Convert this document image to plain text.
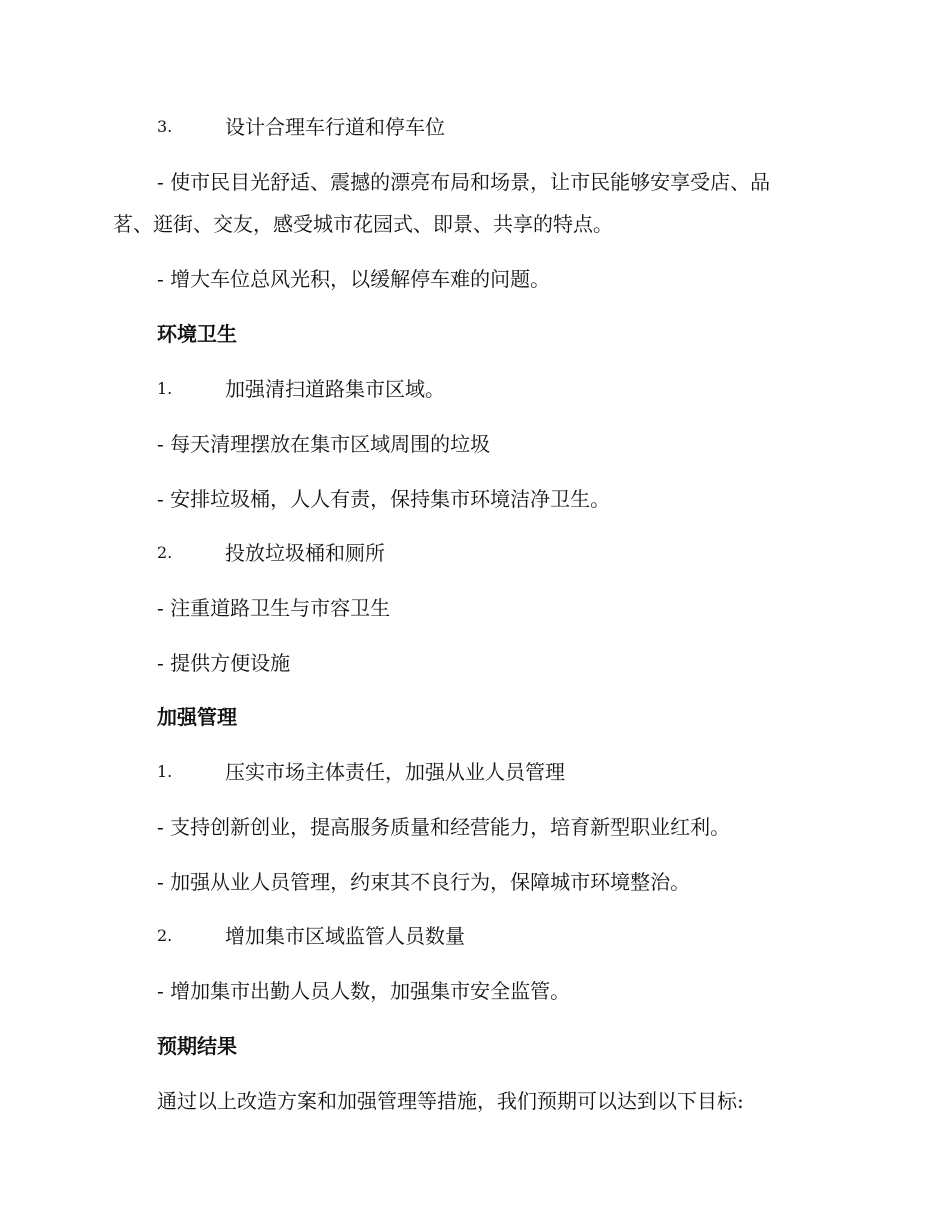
3.	设计合理车行道和停车位
- 使市民目光舒适、震撼的漂亮布局和场景，让市民能够安享受店、品
茗、逛街、交友，感受城市花园式、即景、共享的特点。
- 增大车位总风光积，以缓解停车难的问题。
环境卫生
1.	加强清扫道路集市区域。
- 每天清理摆放在集市区域周围的垃圾
- 安排垃圾桶，人人有责，保持集市环境洁净卫生。
2.	投放垃圾桶和厕所
- 注重道路卫生与市容卫生
- 提供方便设施
加强管理
1.	压实市场主体责任，加强从业人员管理
- 支持创新创业，提高服务质量和经营能力，培育新型职业红利。
- 加强从业人员管理，约束其不良行为，保障城市环境整治。
2.	增加集市区域监管人员数量
- 增加集市出勤人员人数，加强集市安全监管。
预期结果
通过以上改造方案和加强管理等措施，我们预期可以达到以下目标:
